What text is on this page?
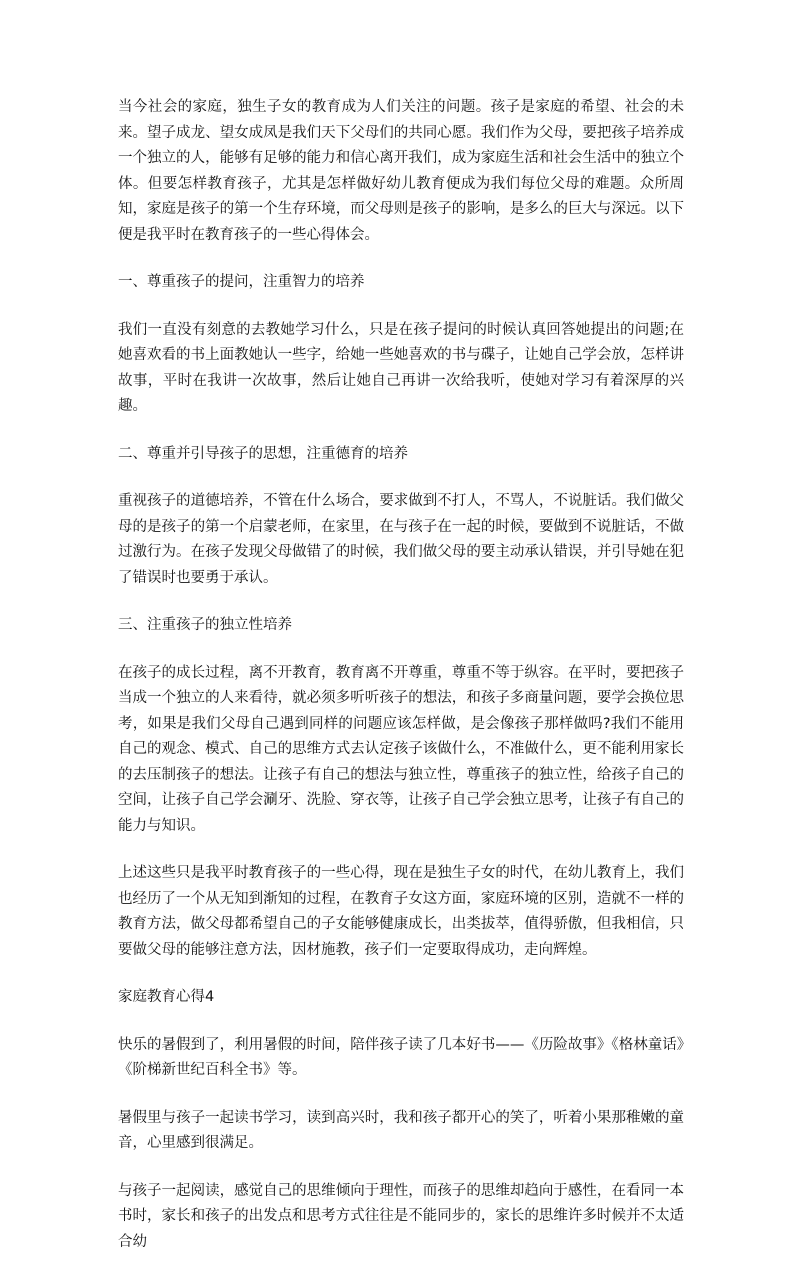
当今社会的家庭，独生子女的教育成为人们关注的问题。孩子是家庭的希望、社会的未来。望子成龙、望女成凤是我们天下父母们的共同心愿。我们作为父母，要把孩子培养成一个独立的人，能够有足够的能力和信心离开我们，成为家庭生活和社会生活中的独立个体。但要怎样教育孩子，尤其是怎样做好幼儿教育便成为我们每位父母的难题。众所周知，家庭是孩子的第一个生存环境，而父母则是孩子的影响，是多么的巨大与深远。以下便是我平时在教育孩子的一些心得体会。

一、尊重孩子的提问，注重智力的培养

我们一直没有刻意的去教她学习什么，只是在孩子提问的时候认真回答她提出的问题;在她喜欢看的书上面教她认一些字，给她一些她喜欢的书与碟子，让她自己学会放，怎样讲故事，平时在我讲一次故事，然后让她自己再讲一次给我听，使她对学习有着深厚的兴趣。

二、尊重并引导孩子的思想，注重德育的培养

重视孩子的道德培养，不管在什么场合，要求做到不打人，不骂人，不说脏话。我们做父母的是孩子的第一个启蒙老师，在家里，在与孩子在一起的时候，要做到不说脏话，不做过激行为。在孩子发现父母做错了的时候，我们做父母的要主动承认错误，并引导她在犯了错误时也要勇于承认。

三、注重孩子的独立性培养

在孩子的成长过程，离不开教育，教育离不开尊重，尊重不等于纵容。在平时，要把孩子当成一个独立的人来看待，就必须多听听孩子的想法，和孩子多商量问题，要学会换位思考，如果是我们父母自己遇到同样的问题应该怎样做，是会像孩子那样做吗?我们不能用自己的观念、模式、自己的思维方式去认定孩子该做什么，不准做什么，更不能利用家长的去压制孩子的想法。让孩子有自己的想法与独立性，尊重孩子的独立性，给孩子自己的空间，让孩子自己学会涮牙、洗脸、穿衣等，让孩子自己学会独立思考，让孩子有自己的能力与知识。

上述这些只是我平时教育孩子的一些心得，现在是独生子女的时代，在幼儿教育上，我们也经历了一个从无知到渐知的过程，在教育子女这方面，家庭环境的区别，造就不一样的教育方法，做父母都希望自己的子女能够健康成长，出类拔萃，值得骄傲，但我相信，只要做父母的能够注意方法，因材施教，孩子们一定要取得成功，走向辉煌。

家庭教育心得4

快乐的暑假到了，利用暑假的时间，陪伴孩子读了几本好书——《历险故事》《格林童话》《阶梯新世纪百科全书》等。

暑假里与孩子一起读书学习，读到高兴时，我和孩子都开心的笑了，听着小果那稚嫩的童音，心里感到很满足。

与孩子一起阅读，感觉自己的思维倾向于理性，而孩子的思维却趋向于感性，在看同一本书时，家长和孩子的出发点和思考方式往往是不能同步的，家长的思维许多时候并不太适合幼
